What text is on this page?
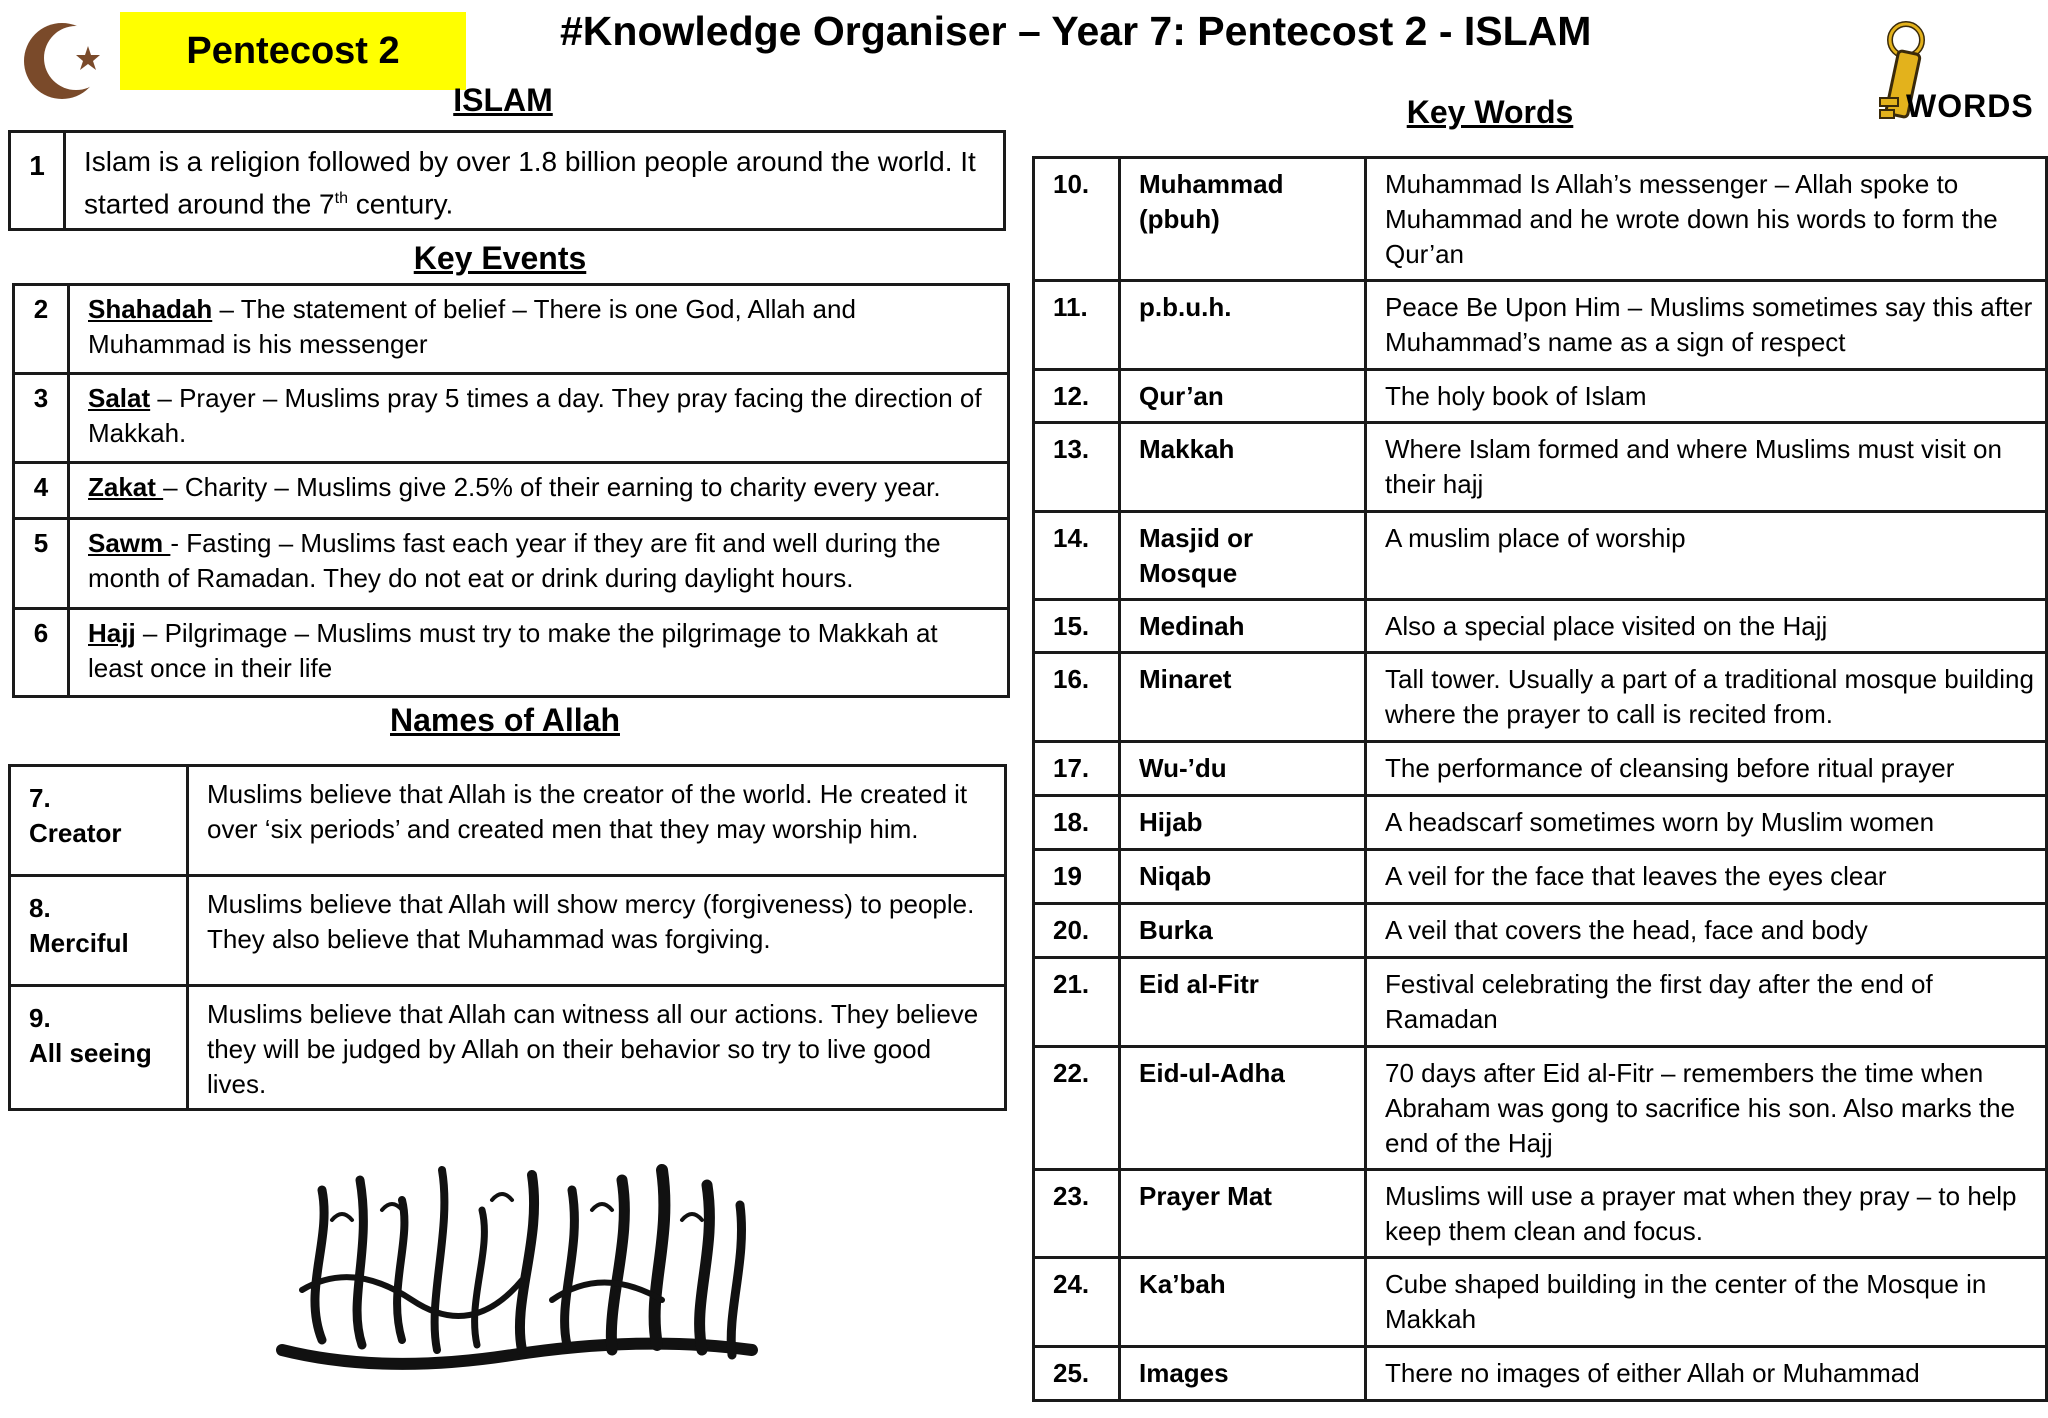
Pentecost 2	#Knowledge Organiser – Year 7: Pentecost 2 - ISLAM
WORDS
ISLAM
1	Islam is a religion followed by over 1.8 billion people around the world. It started around the 7th century.
Key Events
2	Shahadah – The statement of belief – There is one God, Allah and Muhammad is his messenger
3	Salat – Prayer – Muslims pray 5 times a day. They pray facing the direction of Makkah.
4	Zakat – Charity – Muslims give 2.5% of their earning to charity every year.
5	Sawm - Fasting – Muslims fast each year if they are fit and well during the month of Ramadan. They do not eat or drink during daylight hours.
6	Hajj – Pilgrimage – Muslims must try to make the pilgrimage to Makkah at least once in their life
Names of Allah
7.
Creator	Muslims believe that Allah is the creator of the world. He created it over ‘six periods’ and created men that they may worship him.

8.
Merciful	Muslims believe that Allah will show mercy (forgiveness) to people. They also believe that Muhammad was forgiving.

9.
All seeing	Muslims believe that Allah can witness all our actions. They believe they will be judged by Allah on their behavior so try to live good lives.
Key Words
10.	Muhammad (pbuh)	Muhammad Is Allah’s messenger – Allah spoke to Muhammad and he wrote down his words to form the Qur’an
11.	p.b.u.h.	Peace Be Upon Him – Muslims sometimes say this after Muhammad’s name as a sign of respect
12.	Qur’an	The holy book of Islam
13.	Makkah	Where Islam formed and where Muslims must visit on their hajj
14.	Masjid or Mosque	A muslim place of worship
15.	Medinah	Also a special place visited on the Hajj
16.	Minaret	Tall tower. Usually a part of a traditional mosque building where the prayer to call is recited from.
17.	Wu-’du	The performance of cleansing before ritual prayer
18.	Hijab	A headscarf sometimes worn by Muslim women
19	Niqab	A veil for the face that leaves the eyes clear
20.	Burka	A veil that covers the head, face and body
21.	Eid al-Fitr	Festival celebrating the first day after the end of Ramadan
22.	Eid-ul-Adha	70 days after Eid al-Fitr – remembers the time when Abraham was gong to sacrifice his son. Also marks the end of the Hajj
23.	Prayer Mat	Muslims will use a prayer mat when they pray – to help keep them clean and focus.
24.	Ka’bah	Cube shaped building in the center of the Mosque in Makkah
25.	Images	There no images of either Allah or Muhammad
